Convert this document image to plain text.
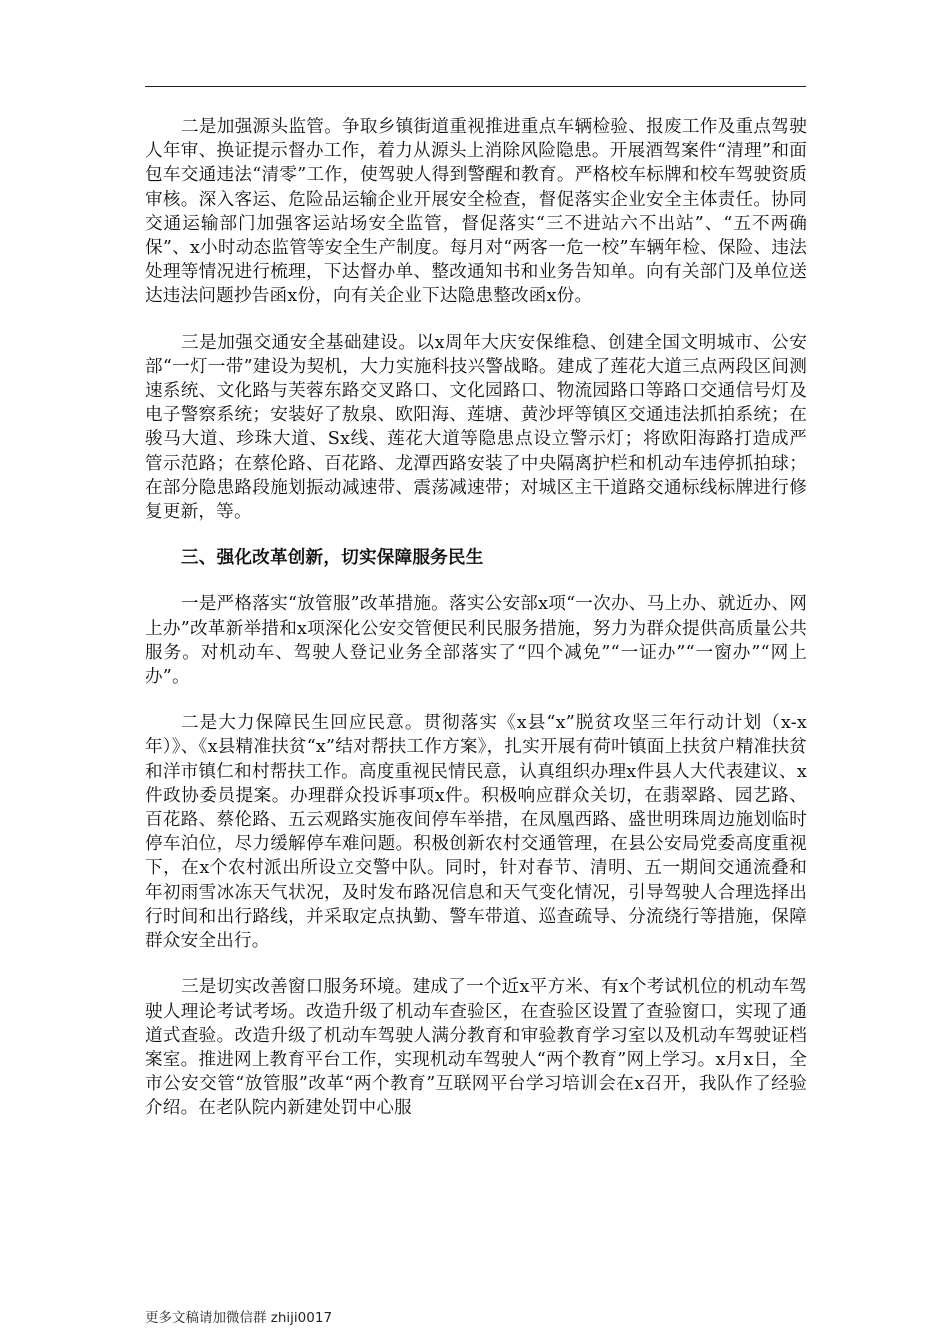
二是加强源头监管。争取乡镇街道重视推进重点车辆检验、报废工作及重点驾驶人年审、换证提示督办工作，着力从源头上消除风险隐患。开展酒驾案件“清理”和面包车交通违法“清零”工作，使驾驶人得到警醒和教育。严格校车标牌和校车驾驶资质审核。深入客运、危险品运输企业开展安全检查，督促落实企业安全主体责任。协同交通运输部门加强客运站场安全监管，督促落实“三不进站六不出站”、“五不两确保”、x小时动态监管等安全生产制度。每月对“两客一危一校”车辆年检、保险、违法处理等情况进行梳理，下达督办单、整改通知书和业务告知单。向有关部门及单位送达违法问题抄告函x份，向有关企业下达隐患整改函x份。

三是加强交通安全基础建设。以x周年大庆安保维稳、创建全国文明城市、公安部“一灯一带”建设为契机，大力实施科技兴警战略。建成了莲花大道三点两段区间测速系统、文化路与芙蓉东路交叉路口、文化园路口、物流园路口等路口交通信号灯及电子警察系统；安装好了敖泉、欧阳海、莲塘、黄沙坪等镇区交通违法抓拍系统；在骏马大道、珍珠大道、Sx线、莲花大道等隐患点设立警示灯；将欧阳海路打造成严管示范路；在蔡伦路、百花路、龙潭西路安装了中央隔离护栏和机动车违停抓拍球；在部分隐患路段施划振动减速带、震荡减速带；对城区主干道路交通标线标牌进行修复更新，等。

三、强化改革创新，切实保障服务民生

一是严格落实“放管服”改革措施。落实公安部x项“一次办、马上办、就近办、网上办”改革新举措和x项深化公安交管便民利民服务措施，努力为群众提供高质量公共服务。对机动车、驾驶人登记业务全部落实了“四个减免”“一证办”“一窗办”“网上办”。

二是大力保障民生回应民意。贯彻落实《x县“x”脱贫攻坚三年行动计划（x-x年）》、《x县精准扶贫“x”结对帮扶工作方案》，扎实开展有荷叶镇面上扶贫户精准扶贫和洋市镇仁和村帮扶工作。高度重视民情民意，认真组织办理x件县人大代表建议、x件政协委员提案。办理群众投诉事项x件。积极响应群众关切，在翡翠路、园艺路、百花路、蔡伦路、五云观路实施夜间停车举措，在凤凰西路、盛世明珠周边施划临时停车泊位，尽力缓解停车难问题。积极创新农村交通管理，在县公安局党委高度重视下，在x个农村派出所设立交警中队。同时，针对春节、清明、五一期间交通流叠和年初雨雪冰冻天气状况，及时发布路况信息和天气变化情况，引导驾驶人合理选择出行时间和出行路线，并采取定点执勤、警车带道、巡查疏导、分流绕行等措施，保障群众安全出行。

三是切实改善窗口服务环境。建成了一个近x平方米、有x个考试机位的机动车驾驶人理论考试考场。改造升级了机动车查验区，在查验区设置了查验窗口，实现了通道式查验。改造升级了机动车驾驶人满分教育和审验教育学习室以及机动车驾驶证档案室。推进网上教育平台工作，实现机动车驾驶人“两个教育”网上学习。x月x日，全市公安交管“放管服”改革“两个教育”互联网平台学习培训会在x召开，我队作了经验介绍。在老队院内新建处罚中心服

更多文稿请加微信群 zhiji0017
